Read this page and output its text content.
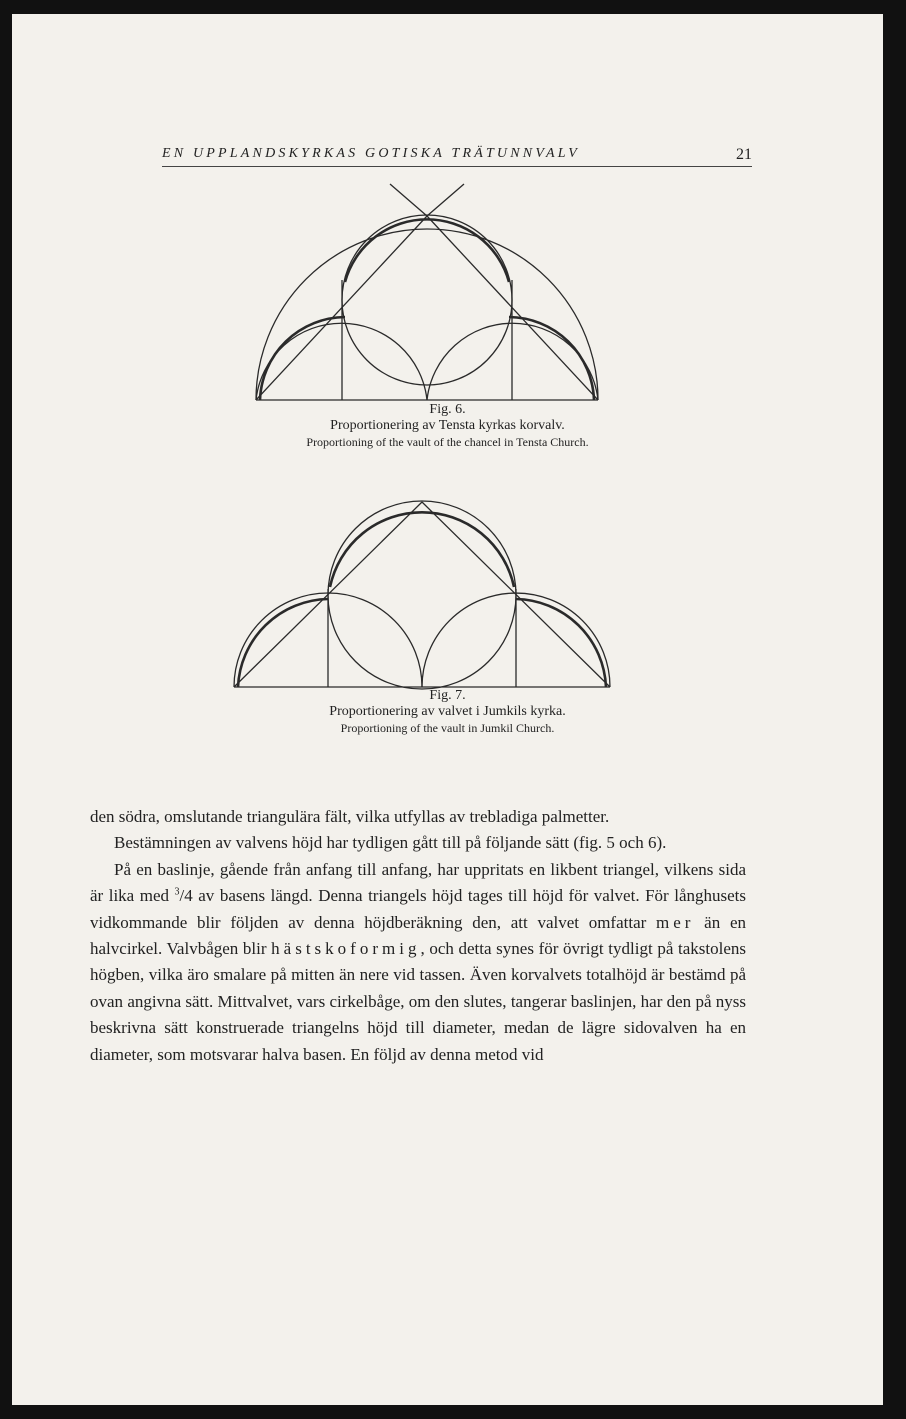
EN UPPLANDSKYRKAS GOTISKA TRÄTUNNVALV	21
Fig. 6.
Proportionering av Tensta kyrkas korvalv.
Proportioning of the vault of the chancel in Tensta Church.
Fig. 7.
Proportionering av valvet i Jumkils kyrka.
Proportioning of the vault in Jumkil Church.

den södra, omslutande triangulära fält, vilka utfyllas av trebladiga palmetter.

Bestämningen av valvens höjd har tydligen gått till på följande sätt (fig. 5 och 6).

På en baslinje, gående från anfang till anfang, har uppritats en likbent triangel, vilkens sida är lika med $^3$/4 av basens längd. Denna triangels höjd tages till höjd för valvet. För långhusets vidkommande blir följden av denna höjdberäkning den, att valvet omfattar mer än en halvcirkel. Valvbågen blir hästskoformig, och detta synes för övrigt tydligt på takstolens högben, vilka äro smalare på mitten än nere vid tassen. Även korvalvets totalhöjd är bestämd på ovan angivna sätt. Mittvalvet, vars cirkelbåge, om den slutes, tangerar baslinjen, har den på nyss beskrivna sätt konstruerade triangelns höjd till diameter, medan de lägre sidovalven ha en diameter, som motsvarar halva basen. En följd av denna metod vid
